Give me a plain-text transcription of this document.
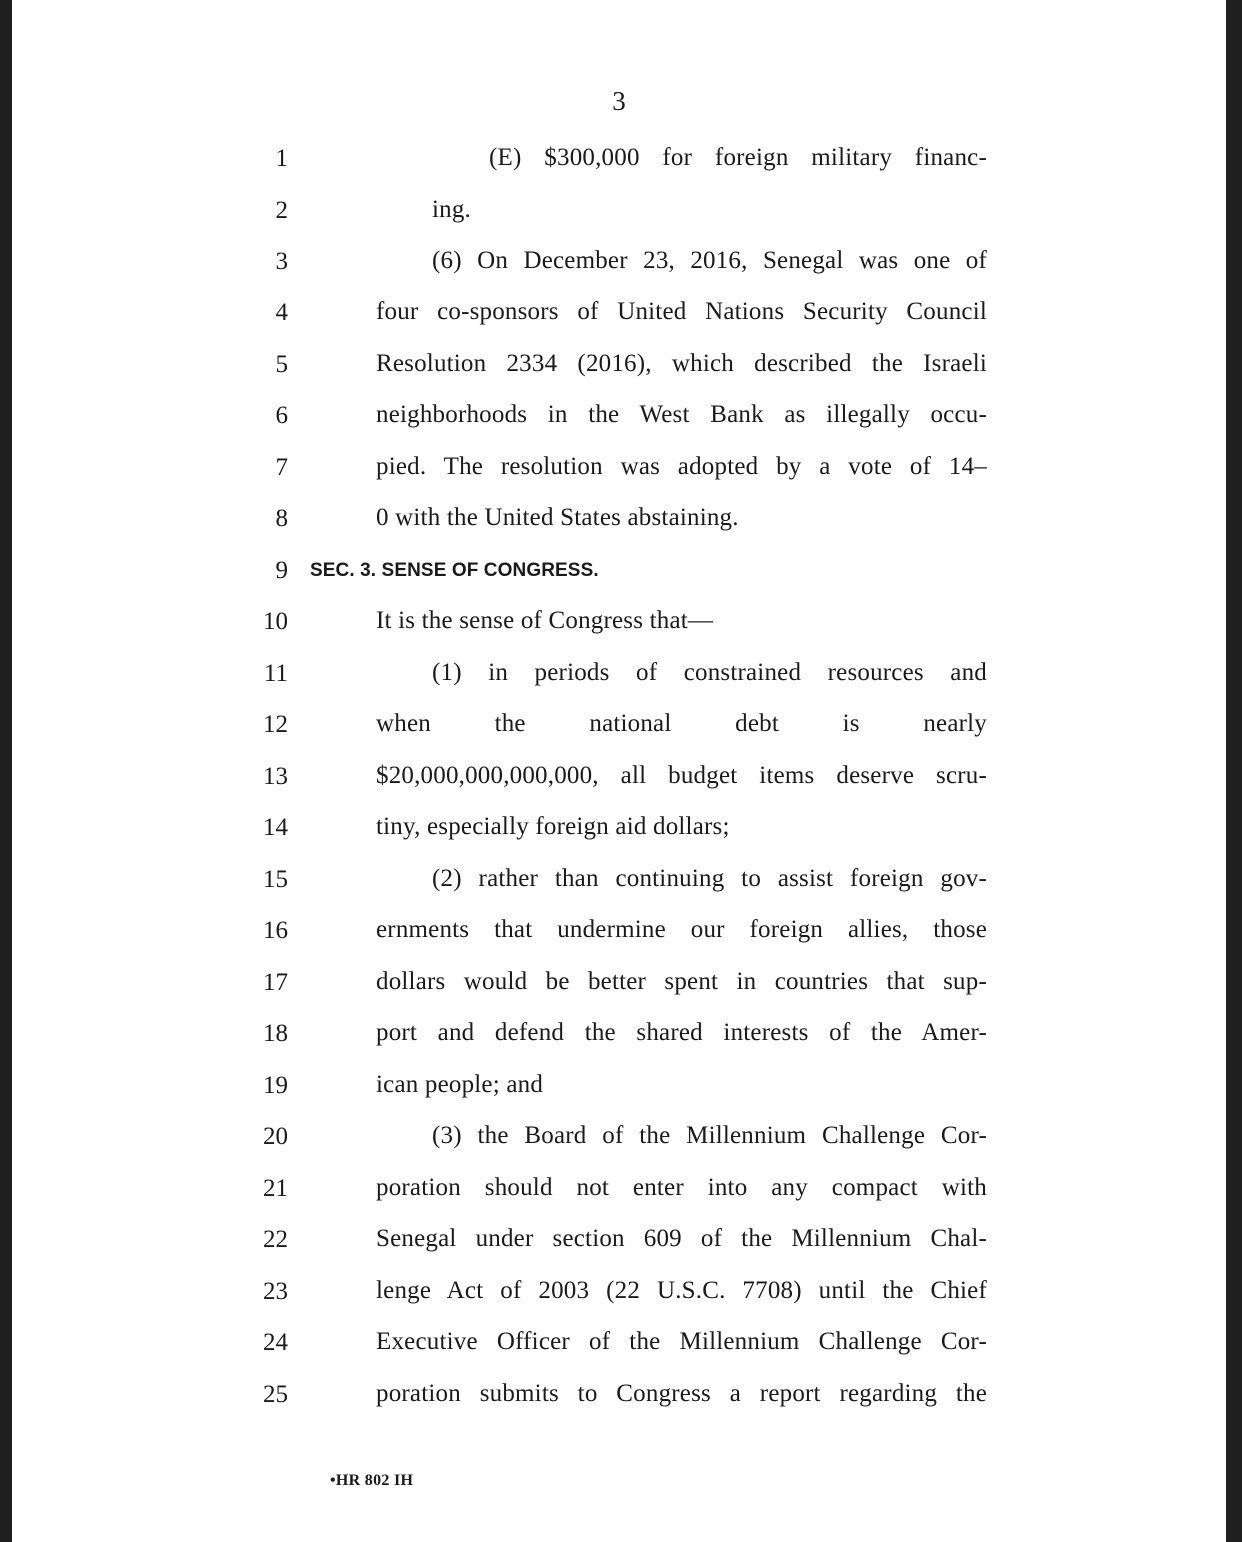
3
1	(E) $300,000 for foreign military financ-
2	ing.
3	(6) On December 23, 2016, Senegal was one of
4	four co-sponsors of United Nations Security Council
5	Resolution 2334 (2016), which described the Israeli
6	neighborhoods in the West Bank as illegally occu-
7	pied. The resolution was adopted by a vote of 14–
8	0 with the United States abstaining.
9 SEC. 3. SENSE OF CONGRESS.
10	It is the sense of Congress that—
11	(1) in periods of constrained resources and
12	when the national debt is nearly
13	$20,000,000,000,000, all budget items deserve scru-
14	tiny, especially foreign aid dollars;
15	(2) rather than continuing to assist foreign gov-
16	ernments that undermine our foreign allies, those
17	dollars would be better spent in countries that sup-
18	port and defend the shared interests of the Amer-
19	ican people; and
20	(3) the Board of the Millennium Challenge Cor-
21	poration should not enter into any compact with
22	Senegal under section 609 of the Millennium Chal-
23	lenge Act of 2003 (22 U.S.C. 7708) until the Chief
24	Executive Officer of the Millennium Challenge Cor-
25	poration submits to Congress a report regarding the
•HR 802 IH
